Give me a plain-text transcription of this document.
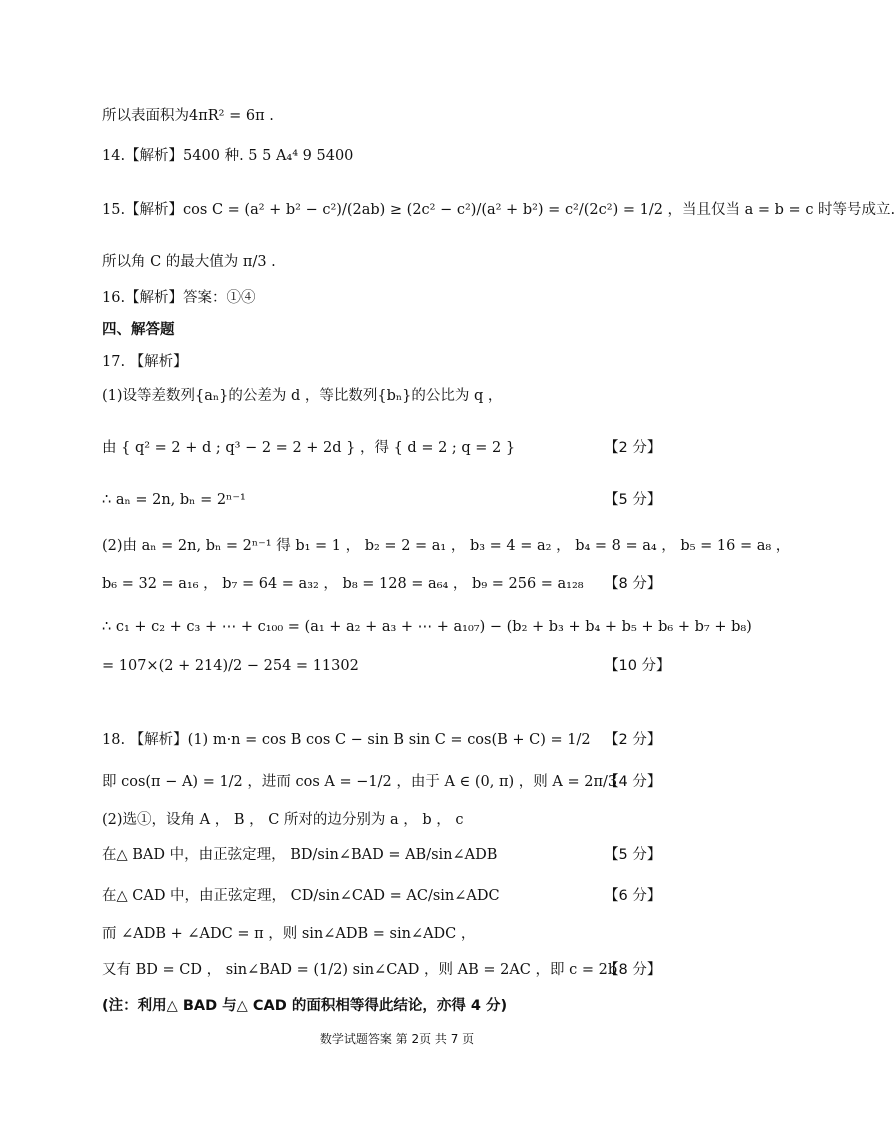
所以表面积为4πR² = 6π .
14.【解析】5400 种. 5 5 A₄⁴ 9 5400
15.【解析】cos C = (a² + b² − c²)/(2ab) ≥ (2c² − c²)/(a² + b²) = c²/(2c²) = 1/2 ，当且仅当 a = b = c 时等号成立.
所以角 C 的最大值为 π/3 .
16.【解析】答案：①④
四、解答题
17. 【解析】
(1)设等差数列{aₙ}的公差为 d ，等比数列{bₙ}的公比为 q ，
由 { q² = 2 + d ; q³ − 2 = 2 + 2d } ，得 { d = 2 ; q = 2 }	【2 分】
∴ aₙ = 2n, bₙ = 2ⁿ⁻¹	【5 分】
(2)由 aₙ = 2n, bₙ = 2ⁿ⁻¹ 得 b₁ = 1 ， b₂ = 2 = a₁ ， b₃ = 4 = a₂ ， b₄ = 8 = a₄ ， b₅ = 16 = a₈ ，
b₆ = 32 = a₁₆ ， b₇ = 64 = a₃₂ ， b₈ = 128 = a₆₄ ， b₉ = 256 = a₁₂₈ 【8 分】
∴ c₁ + c₂ + c₃ + ⋯ + c₁₀₀ = (a₁ + a₂ + a₃ + ⋯ + a₁₀₇) − (b₂ + b₃ + b₄ + b₅ + b₆ + b₇ + b₈)
= 107×(2 + 214)/2 − 254 = 11302	【10 分】
18. 【解析】(1) m·n = cos B cos C − sin B sin C = cos(B + C) = 1/2 【2 分】
即 cos(π − A) = 1/2 ，进而 cos A = −1/2 ，由于 A ∈ (0, π) ，则 A = 2π/3
【4 分】
(2)选①，设角 A ， B ， C 所对的边分别为 a ， b ， c
在△ BAD 中，由正弦定理， BD/sin∠BAD = AB/sin∠ADB	【5 分】
在△ CAD 中，由正弦定理， CD/sin∠CAD = AC/sin∠ADC	【6 分】
而 ∠ADB + ∠ADC = π ，则 sin∠ADB = sin∠ADC ，
又有 BD = CD ， sin∠BAD = (1/2) sin∠CAD ，则 AB = 2AC ，即 c = 2b
【8 分】
(注：利用△ BAD 与△ CAD 的面积相等得此结论，亦得 4 分)
数学试题答案 第 2页 共 7 页
